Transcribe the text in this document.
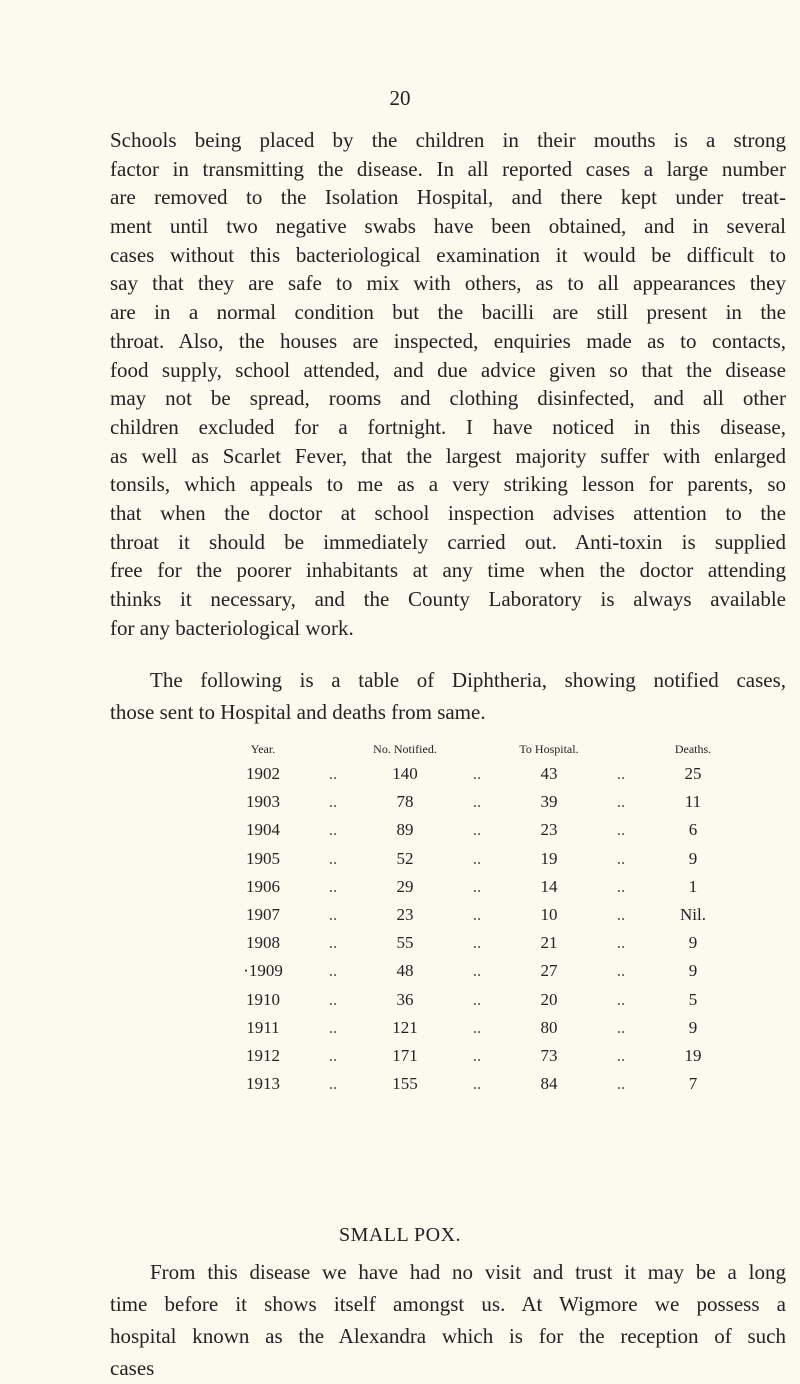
20
Schools being placed by the children in their mouths is a strong
factor in transmitting the disease. In all reported cases a large number
are removed to the Isolation Hospital, and there kept under treat-
ment until two negative swabs have been obtained, and in several
cases without this bacteriological examination it would be difficult to
say that they are safe to mix with others, as to all appearances they
are in a normal condition but the bacilli are still present in the
throat. Also, the houses are inspected, enquiries made as to contacts,
food supply, school attended, and due advice given so that the disease
may not be spread, rooms and clothing disinfected, and all other
children excluded for a fortnight. I have noticed in this disease,
as well as Scarlet Fever, that the largest majority suffer with enlarged
tonsils, which appeals to me as a very striking lesson for parents, so
that when the doctor at school inspection advises attention to the
throat it should be immediately carried out. Anti-toxin is supplied
free for the poorer inhabitants at any time when the doctor attending
thinks it necessary, and the County Laboratory is always available
for any bacteriological work.
The following is a table of Diphtheria, showing notified cases,
those sent to Hospital and deaths from same.
Year.		No. Notified.		To Hospital.		Deaths.
1902	..	140	..	43	..	25
1903	..	78	..	39	..	11
1904	..	89	..	23	..	6
1905	..	52	..	19	..	9
1906	..	29	..	14	..	1
1907	..	23	..	10	..	Nil.
1908	..	55	..	21	..	9
·1909	..	48	..	27	..	9
1910	..	36	..	20	..	5
1911	..	121	..	80	..	9
1912	..	171	..	73	..	19
1913	..	155	..	84	..	7
SMALL POX.
From this disease we have had no visit and trust it may be a long
time before it shows itself amongst us. At Wigmore we possess a
hospital known as the Alexandra which is for the reception of such
cases
